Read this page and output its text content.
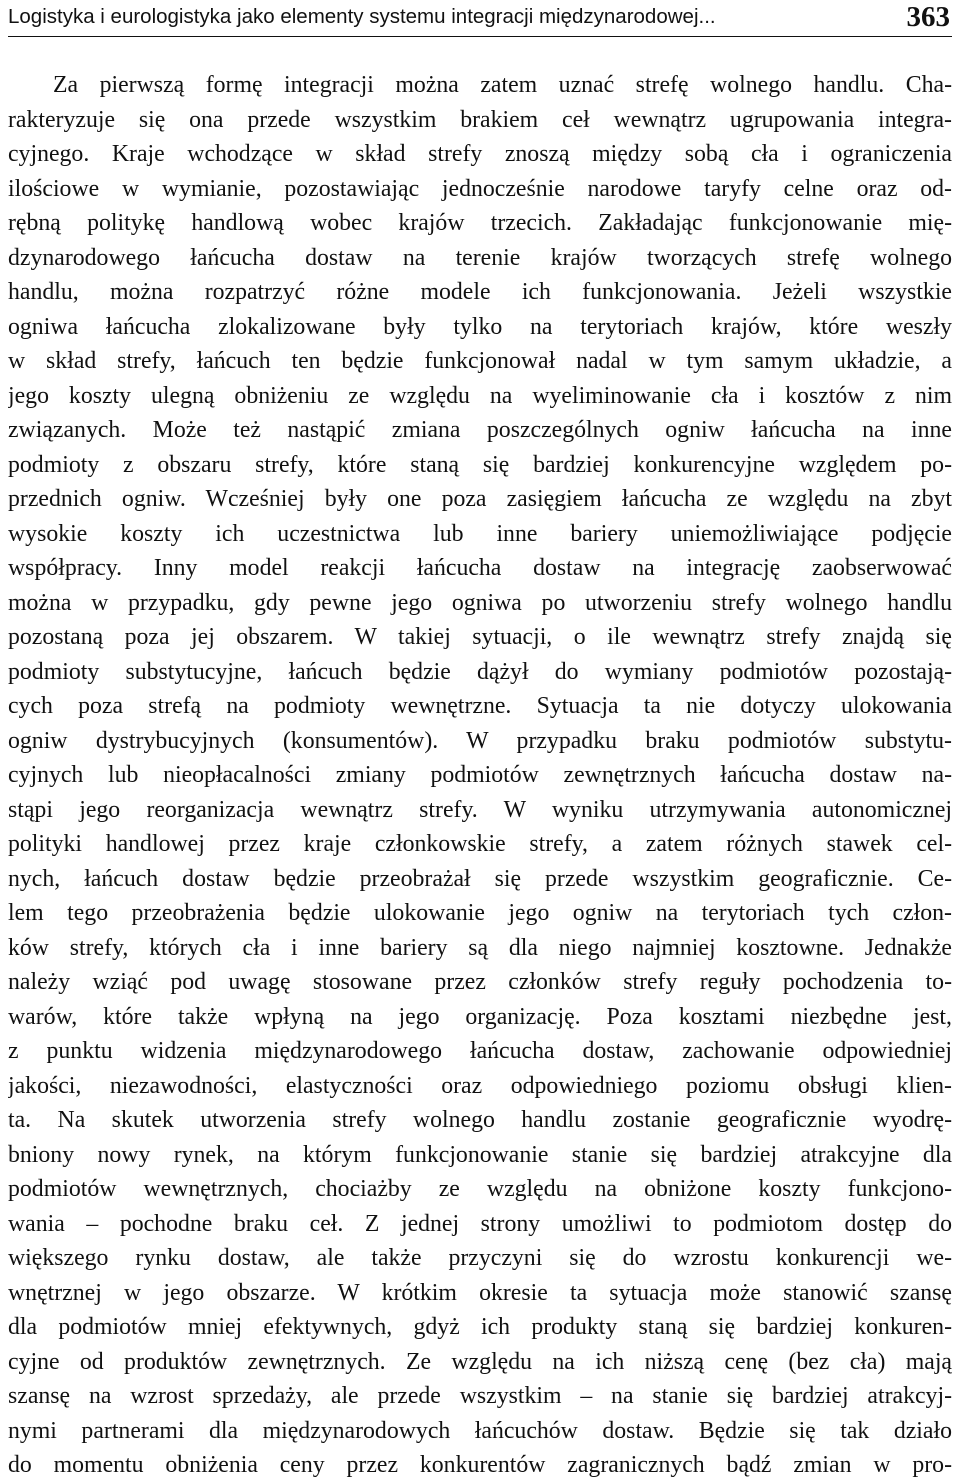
Logistyka i eurologistyka jako elementy systemu integracji międzynarodowej...	363
Za pierwszą formę integracji można zatem uznać strefę wolnego handlu. Cha-
rakteryzuje się ona przede wszystkim brakiem ceł wewnątrz ugrupowania integra-
cyjnego. Kraje wchodzące w skład strefy znoszą między sobą cła i ograniczenia
ilościowe w wymianie, pozostawiając jednocześnie narodowe taryfy celne oraz od-
rębną politykę handlową wobec krajów trzecich. Zakładając funkcjonowanie mię-
dzynarodowego łańcucha dostaw na terenie krajów tworzących strefę wolnego
handlu, można rozpatrzyć różne modele ich funkcjonowania. Jeżeli wszystkie
ogniwa łańcucha zlokalizowane były tylko na terytoriach krajów, które weszły
w skład strefy, łańcuch ten będzie funkcjonował nadal w tym samym układzie, a
jego koszty ulegną obniżeniu ze względu na wyeliminowanie cła i kosztów z nim
związanych. Może też nastąpić zmiana poszczególnych ogniw łańcucha na inne
podmioty z obszaru strefy, które staną się bardziej konkurencyjne względem po-
przednich ogniw. Wcześniej były one poza zasięgiem łańcucha ze względu na zbyt
wysokie koszty ich uczestnictwa lub inne bariery uniemożliwiające podjęcie
współpracy. Inny model reakcji łańcucha dostaw na integrację zaobserwować
można w przypadku, gdy pewne jego ogniwa po utworzeniu strefy wolnego handlu
pozostaną poza jej obszarem. W takiej sytuacji, o ile wewnątrz strefy znajdą się
podmioty substytucyjne, łańcuch będzie dążył do wymiany podmiotów pozostają-
cych poza strefą na podmioty wewnętrzne. Sytuacja ta nie dotyczy ulokowania
ogniw dystrybucyjnych (konsumentów). W przypadku braku podmiotów substytu-
cyjnych lub nieopłacalności zmiany podmiotów zewnętrznych łańcucha dostaw na-
stąpi jego reorganizacja wewnątrz strefy. W wyniku utrzymywania autonomicznej
polityki handlowej przez kraje członkowskie strefy, a zatem różnych stawek cel-
nych, łańcuch dostaw będzie przeobrażał się przede wszystkim geograficznie. Ce-
lem tego przeobrażenia będzie ulokowanie jego ogniw na terytoriach tych człon-
ków strefy, których cła i inne bariery są dla niego najmniej kosztowne. Jednakże
należy wziąć pod uwagę stosowane przez członków strefy reguły pochodzenia to-
warów, które także wpłyną na jego organizację. Poza kosztami niezbędne jest,
z punktu widzenia międzynarodowego łańcucha dostaw, zachowanie odpowiedniej
jakości, niezawodności, elastyczności oraz odpowiedniego poziomu obsługi klien-
ta. Na skutek utworzenia strefy wolnego handlu zostanie geograficznie wyodrę-
bniony nowy rynek, na którym funkcjonowanie stanie się bardziej atrakcyjne dla
podmiotów wewnętrznych, chociażby ze względu na obniżone koszty funkcjono-
wania – pochodne braku ceł. Z jednej strony umożliwi to podmiotom dostęp do
większego rynku dostaw, ale także przyczyni się do wzrostu konkurencji we-
wnętrznej w jego obszarze. W krótkim okresie ta sytuacja może stanowić szansę
dla podmiotów mniej efektywnych, gdyż ich produkty staną się bardziej konkuren-
cyjne od produktów zewnętrznych. Ze względu na ich niższą cenę (bez cła) mają
szansę na wzrost sprzedaży, ale przede wszystkim – na stanie się bardziej atrakcyj-
nymi partnerami dla międzynarodowych łańcuchów dostaw. Będzie się tak działo
do momentu obniżenia ceny przez konkurentów zagranicznych bądź zmian w pro-
